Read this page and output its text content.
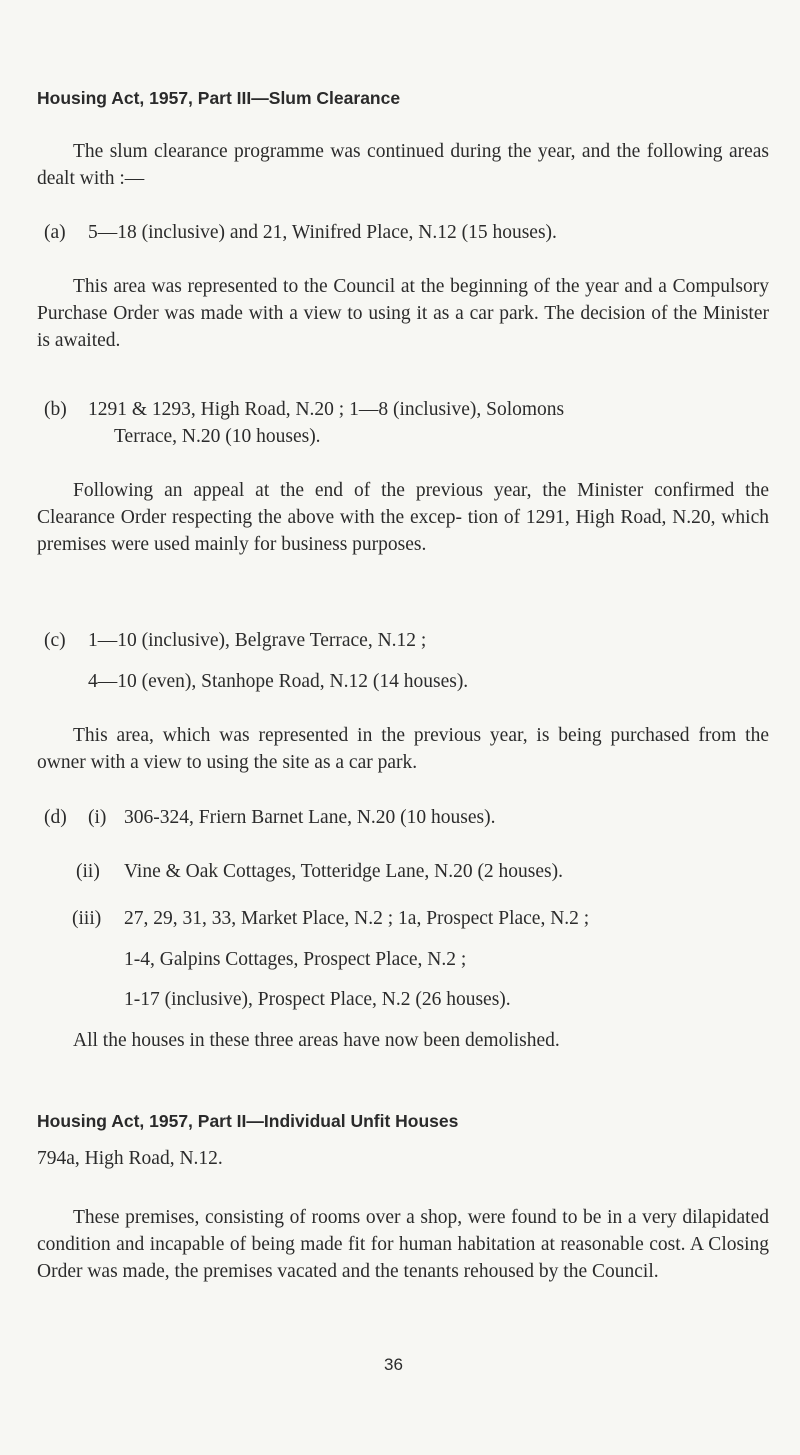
Housing Act, 1957, Part III—Slum Clearance
The slum clearance programme was continued during the year, and the following areas dealt with :—
(a) 5—18 (inclusive) and 21, Winifred Place, N.12 (15 houses).
This area was represented to the Council at the beginning of the year and a Compulsory Purchase Order was made with a view to using it as a car park. The decision of the Minister is awaited.
(b) 1291 & 1293, High Road, N.20 ; 1—8 (inclusive), Solomons
Terrace, N.20 (10 houses).
Following an appeal at the end of the previous year, the Minister confirmed the Clearance Order respecting the above with the excep- tion of 1291, High Road, N.20, which premises were used mainly for business purposes.
(c) 1—10 (inclusive), Belgrave Terrace, N.12 ;
4—10 (even), Stanhope Road, N.12 (14 houses).
This area, which was represented in the previous year, is being purchased from the owner with a view to using the site as a car park.
(d) (i) 306-324, Friern Barnet Lane, N.20 (10 houses).
(ii) Vine & Oak Cottages, Totteridge Lane, N.20 (2 houses).
(iii) 27, 29, 31, 33, Market Place, N.2 ; 1a, Prospect Place, N.2 ;
1-4, Galpins Cottages, Prospect Place, N.2 ;
1-17 (inclusive), Prospect Place, N.2 (26 houses).
All the houses in these three areas have now been demolished.
Housing Act, 1957, Part II—Individual Unfit Houses
794a, High Road, N.12.
These premises, consisting of rooms over a shop, were found to be in a very dilapidated condition and incapable of being made fit for human habitation at reasonable cost. A Closing Order was made, the premises vacated and the tenants rehoused by the Council.
36
